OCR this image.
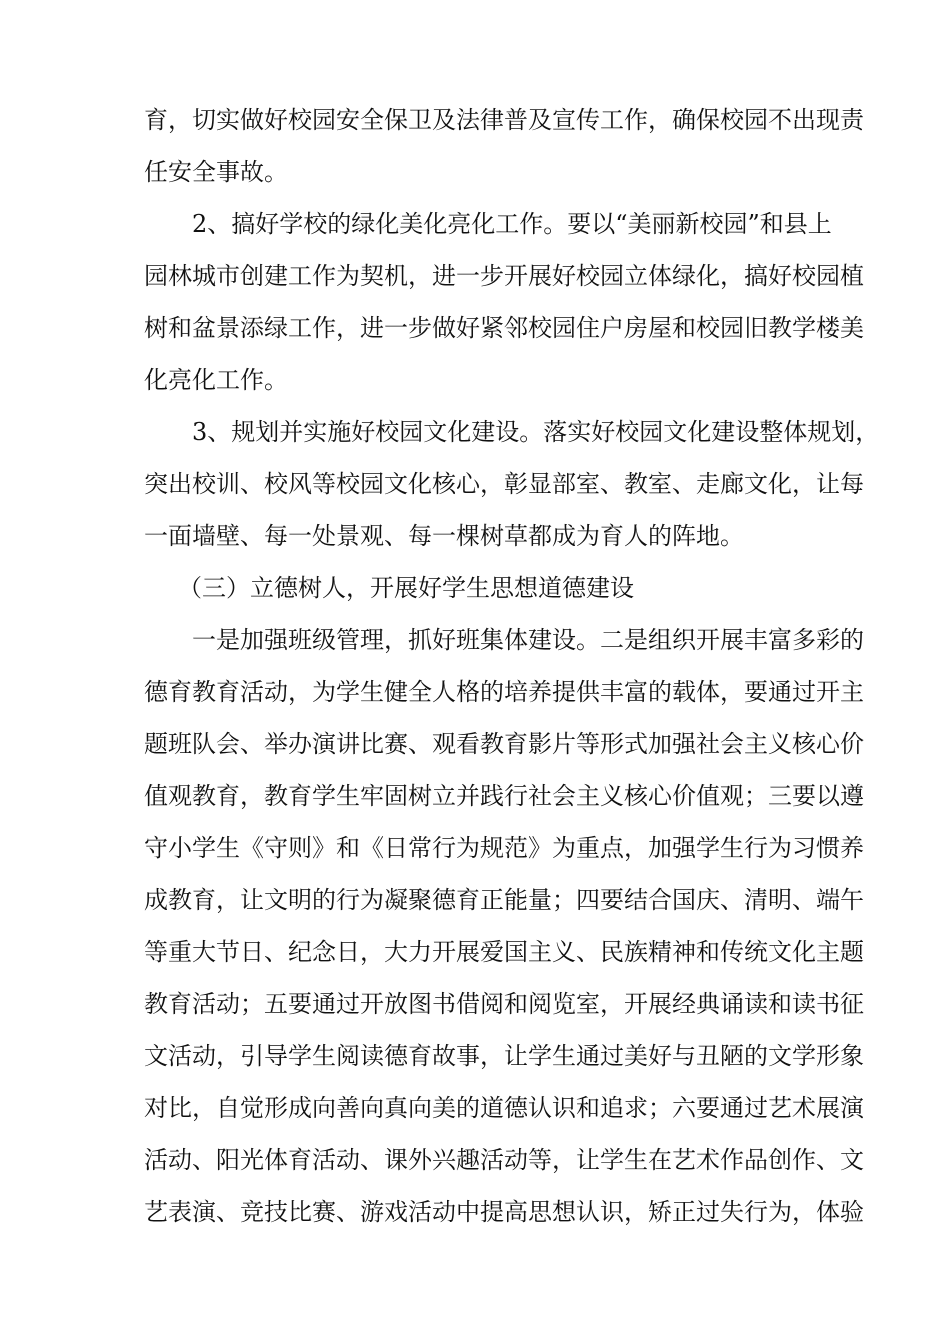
育，切实做好校园安全保卫及法律普及宣传工作，确保校园不出现责
任安全事故。
2、搞好学校的绿化美化亮化工作。要以“美丽新校园”和县上
园林城市创建工作为契机，进一步开展好校园立体绿化，搞好校园植
树和盆景添绿工作，进一步做好紧邻校园住户房屋和校园旧教学楼美
化亮化工作。
3、规划并实施好校园文化建设。落实好校园文化建设整体规划，
突出校训、校风等校园文化核心，彰显部室、教室、走廊文化，让每
一面墙壁、每一处景观、每一棵树草都成为育人的阵地。
（三）立德树人，开展好学生思想道德建设
一是加强班级管理，抓好班集体建设。二是组织开展丰富多彩的
德育教育活动，为学生健全人格的培养提供丰富的载体，要通过开主
题班队会、举办演讲比赛、观看教育影片等形式加强社会主义核心价
值观教育，教育学生牢固树立并践行社会主义核心价值观；三要以遵
守小学生《守则》和《日常行为规范》为重点，加强学生行为习惯养
成教育，让文明的行为凝聚德育正能量；四要结合国庆、清明、端午
等重大节日、纪念日，大力开展爱国主义、民族精神和传统文化主题
教育活动；五要通过开放图书借阅和阅览室，开展经典诵读和读书征
文活动，引导学生阅读德育故事，让学生通过美好与丑陋的文学形象
对比，自觉形成向善向真向美的道德认识和追求；六要通过艺术展演
活动、阳光体育活动、课外兴趣活动等，让学生在艺术作品创作、文
艺表演、竞技比赛、游戏活动中提高思想认识，矫正过失行为，体验
